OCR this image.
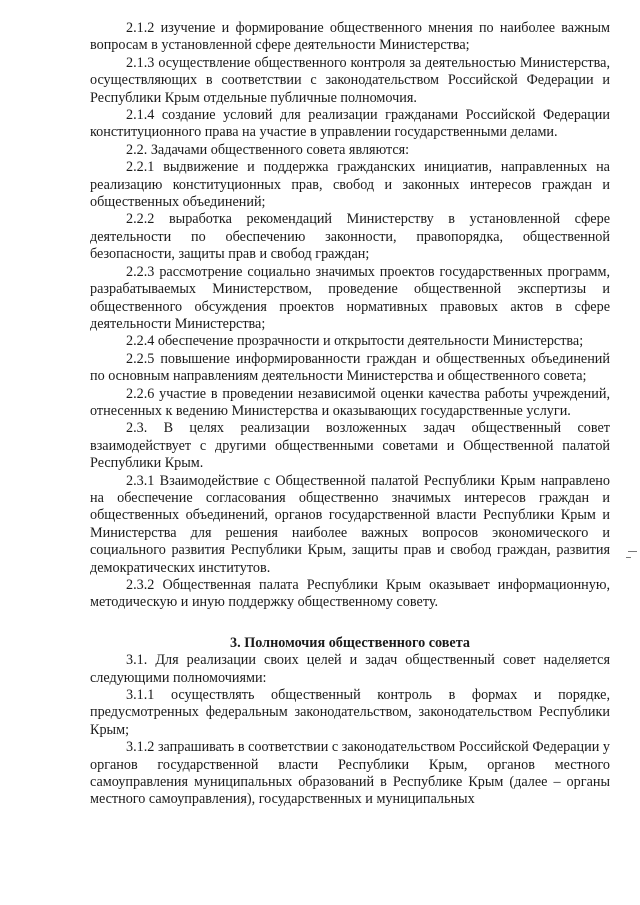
2.1.2 изучение и формирование общественного мнения по наиболее важным вопросам в установленной сфере деятельности Министерства;

2.1.3 осуществление общественного контроля за деятельностью Министерства, осуществляющих в соответствии с законодательством Российской Федерации и Республики Крым отдельные публичные полномочия.

2.1.4 создание условий для реализации гражданами Российской Федерации конституционного права на участие в управлении государственными делами.

2.2. Задачами общественного совета являются:

2.2.1 выдвижение и поддержка гражданских инициатив, направленных на реализацию конституционных прав, свобод и законных интересов граждан и общественных объединений;

2.2.2 выработка рекомендаций Министерству в установленной сфере деятельности по обеспечению законности, правопорядка, общественной безопасности, защиты прав и свобод граждан;

2.2.3 рассмотрение социально значимых проектов государственных программ, разрабатываемых Министерством, проведение общественной экспертизы и общественного обсуждения проектов нормативных правовых актов в сфере деятельности Министерства;

2.2.4 обеспечение прозрачности и открытости деятельности Министерства;

2.2.5 повышение информированности граждан и общественных объединений по основным направлениям деятельности Министерства и общественного совета;

2.2.6 участие в проведении независимой оценки качества работы учреждений, отнесенных к ведению Министерства и оказывающих государственные услуги.

2.3. В целях реализации возложенных задач общественный совет взаимодействует с другими общественными советами и Общественной палатой Республики Крым.

2.3.1 Взаимодействие с Общественной палатой Республики Крым направлено на обеспечение согласования общественно значимых интересов граждан и общественных объединений, органов государственной власти Республики Крым и Министерства для решения наиболее важных вопросов экономического и социального развития Республики Крым, защиты прав и свобод граждан, развития демократических институтов.

2.3.2 Общественная палата Республики Крым оказывает информационную, методическую и иную поддержку общественному совету.

3. Полномочия общественного совета

3.1. Для реализации своих целей и задач общественный совет наделяется следующими полномочиями:

3.1.1 осуществлять общественный контроль в формах и порядке, предусмотренных федеральным законодательством, законодательством Республики Крым;

3.1.2 запрашивать в соответствии с законодательством Российской Федерации у органов государственной власти Республики Крым, органов местного самоуправления муниципальных образований в Республике Крым (далее – органы местного самоуправления), государственных и муниципальных
